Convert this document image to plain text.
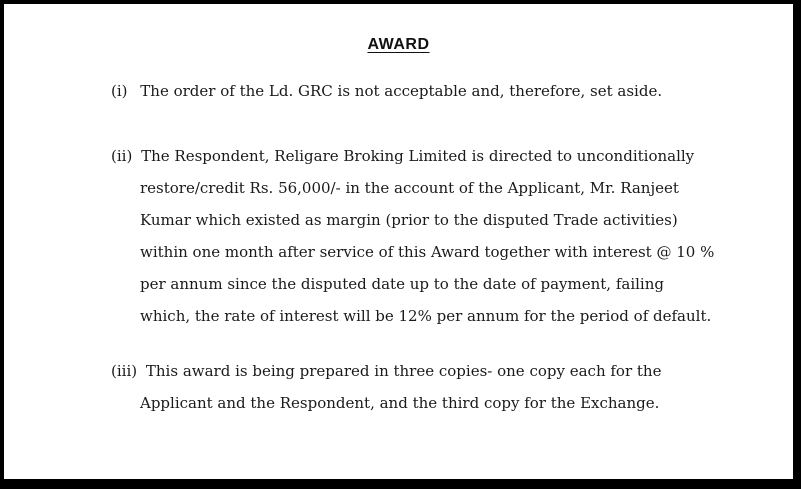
AWARD
(i) The order of the Ld. GRC is not acceptable and, therefore, set aside.
(ii) The Respondent, Religare Broking Limited is directed to unconditionally
restore/credit Rs. 56,000/- in the account of the Applicant, Mr. Ranjeet
Kumar which existed as margin (prior to the disputed Trade activities)
within one month after service of this Award together with interest @ 10 %
per annum since the disputed date up to the date of payment, failing
which, the rate of interest will be 12% per annum for the period of default.
(iii) This award is being prepared in three copies- one copy each for the
Applicant and the Respondent, and the third copy for the Exchange.
